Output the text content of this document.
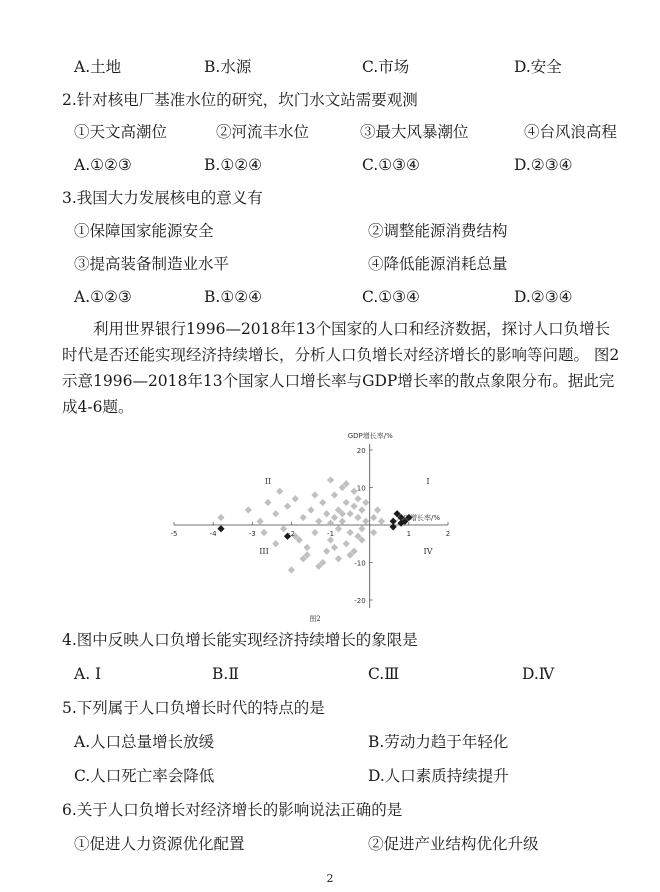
A.土地	B.水源	C.市场	D.安全
2.针对核电厂基准水位的研究，坎门水文站需要观测
①天文高潮位	②河流丰水位	③最大风暴潮位	④台风浪高程
A.①②③	B.①②④	C.①③④	D.②③④
3.我国大力发展核电的意义有
①保障国家能源安全	②调整能源消费结构
③提高装备制造业水平	④降低能源消耗总量
A.①②③	B.①②④	C.①③④	D.②③④
利用世界银行1996—2018年13个国家的人口和经济数据，探讨人口负增长时代是否还能实现经济持续增长，分析人口负增长对经济增长的影响等问题。 图2示意1996—2018年13个国家人口增长率与GDP增长率的散点象限分布。据此完成4-6题。
-5	-4	-3	-2	-1	1	2
20
10
-10
-20
GDP增长率/%
人口增长率/%
I
II
III	IV
图2
4.图中反映人口负增长能实现经济持续增长的象限是
A. Ⅰ	B.Ⅱ	C.Ⅲ	D.Ⅳ
5.下列属于人口负增长时代的特点的是
A.人口总量增长放缓	B.劳动力趋于年轻化
C.人口死亡率会降低	D.人口素质持续提升
6.关于人口负增长对经济增长的影响说法正确的是
①促进人力资源优化配置	②促进产业结构优化升级
2
